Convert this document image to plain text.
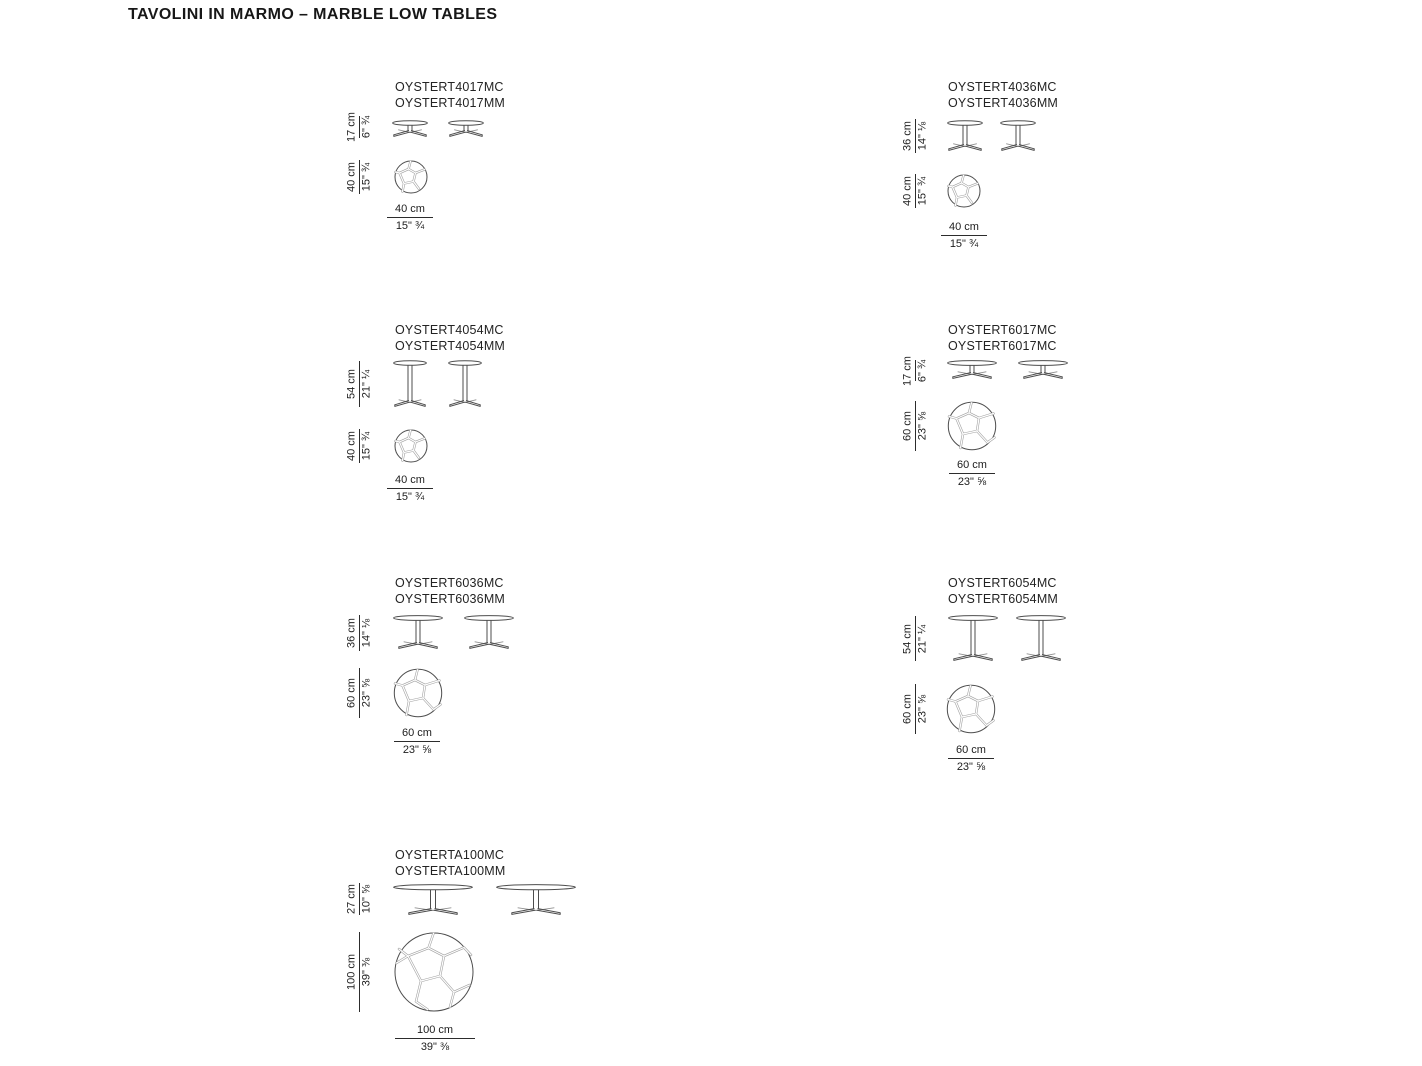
TAVOLINI IN MARMO – MARBLE LOW TABLES
OYSTERT4017MC
OYSTERT4017MM
17 cm 6" ¾
40 cm 15" ¾
40 cm
15" ¾
OYSTERT4036MC
OYSTERT4036MM
36 cm 14" ⅛
40 cm 15" ¾
40 cm
15" ¾
OYSTERT4054MC
OYSTERT4054MM
54 cm 21" ¼
40 cm 15" ¾
40 cm
15" ¾
OYSTERT6017MC
OYSTERT6017MC
17 cm 6" ¾
60 cm 23" ⅝
60 cm
23" ⅝
OYSTERT6036MC
OYSTERT6036MM
36 cm 14" ⅛
60 cm 23" ⅝
60 cm
23" ⅝
OYSTERT6054MC
OYSTERT6054MM
54 cm 21" ¼
60 cm 23" ⅝
60 cm
23" ⅝
OYSTERTA100MC
OYSTERTA100MM
27 cm 10" ⅝
100 cm 39" ⅜
100 cm
39" ⅜
